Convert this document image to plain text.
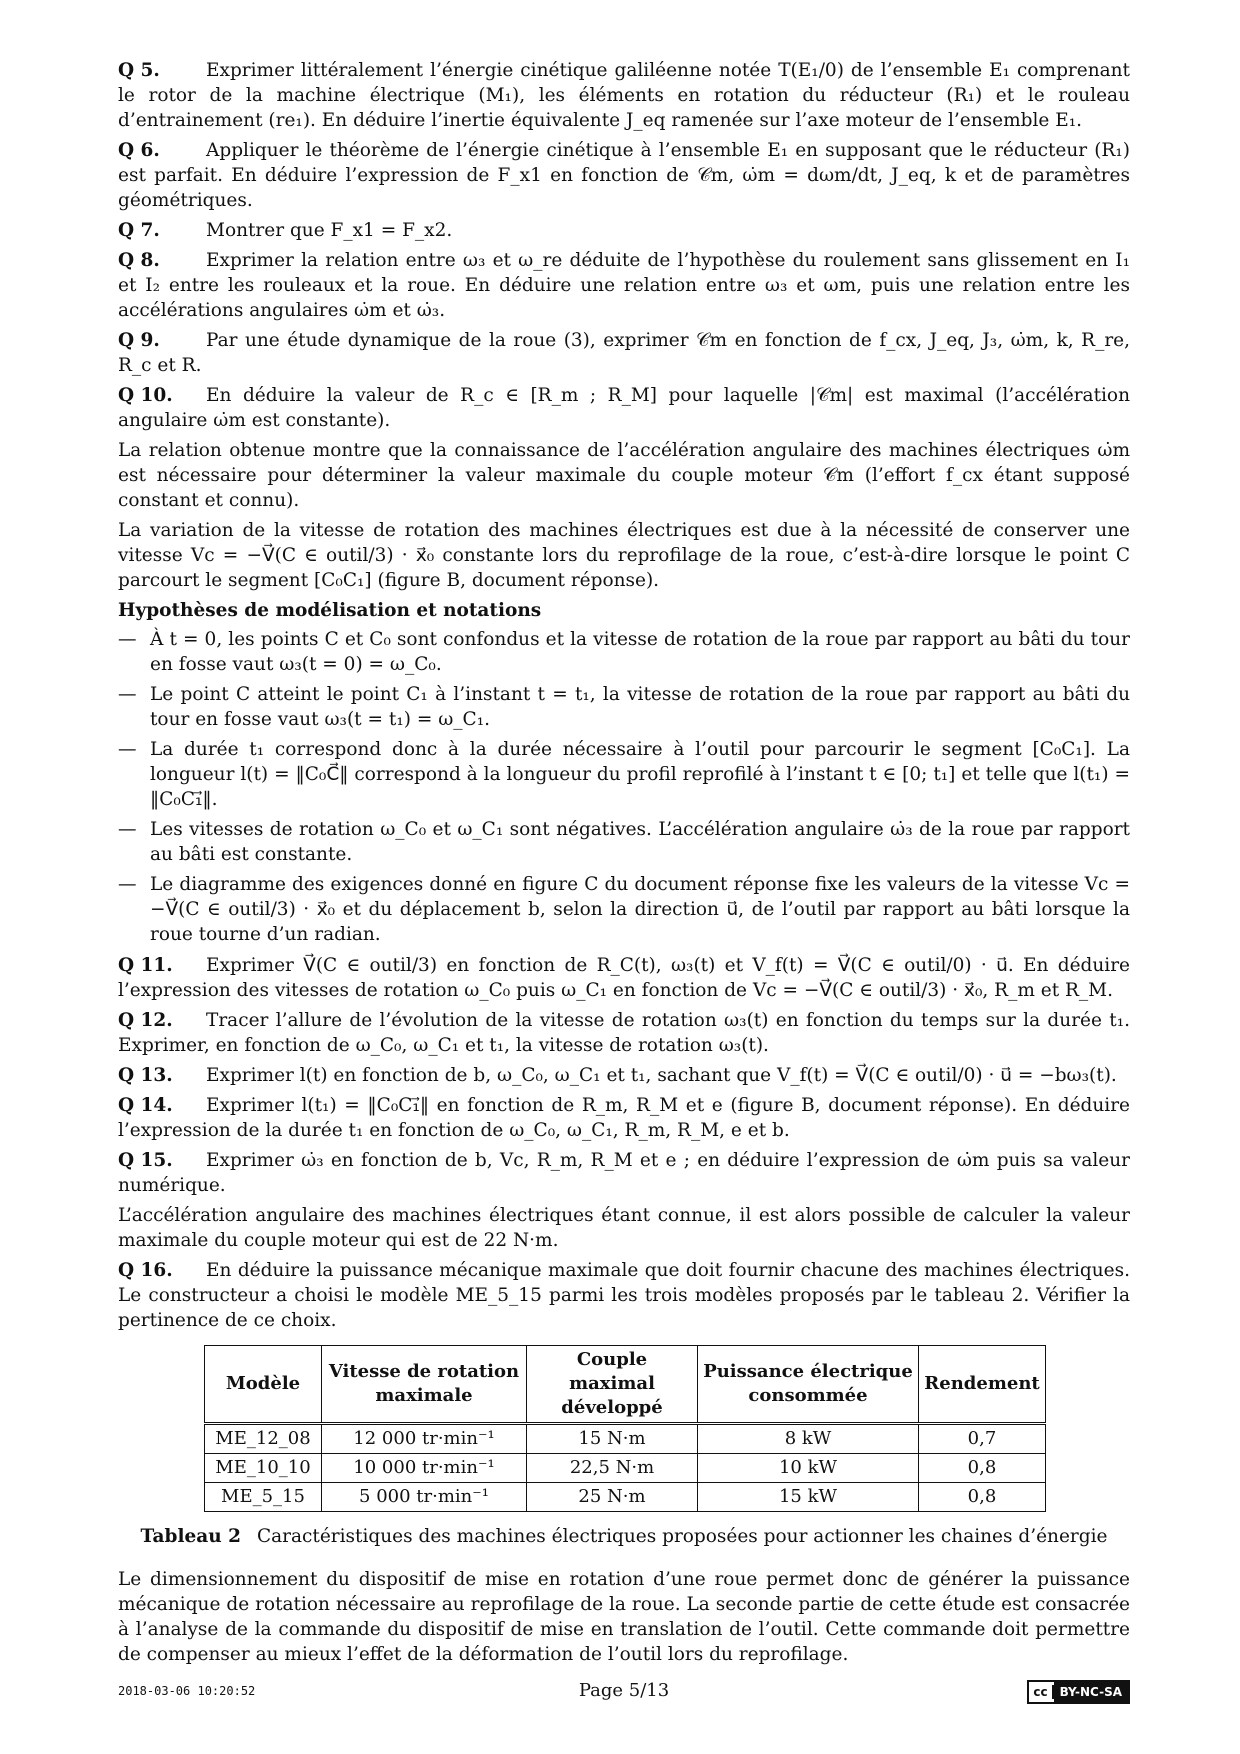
Q 5. Exprimer littéralement l’énergie cinétique galiléenne notée T(E₁/0) de l’ensemble E₁ comprenant le rotor de la machine électrique (M₁), les éléments en rotation du réducteur (R₁) et le rouleau d’entrainement (re₁). En déduire l’inertie équivalente J_eq ramenée sur l’axe moteur de l’ensemble E₁.

Q 6. Appliquer le théorème de l’énergie cinétique à l’ensemble E₁ en supposant que le réducteur (R₁) est parfait. En déduire l’expression de F_x1 en fonction de 𝒞m, ω̇m = dωm/dt, J_eq, k et de paramètres géométriques.

Q 7. Montrer que F_x1 = F_x2.

Q 8. Exprimer la relation entre ω₃ et ω_re déduite de l’hypothèse du roulement sans glissement en I₁ et I₂ entre les rouleaux et la roue. En déduire une relation entre ω₃ et ωm, puis une relation entre les accélérations angulaires ω̇m et ω̇₃.

Q 9. Par une étude dynamique de la roue (3), exprimer 𝒞m en fonction de f_cx, J_eq, J₃, ω̇m, k, R_re, R_c et R.

Q 10. En déduire la valeur de R_c ∈ [R_m ; R_M] pour laquelle |𝒞m| est maximal (l’accélération angulaire ω̇m est constante).

La relation obtenue montre que la connaissance de l’accélération angulaire des machines électriques ω̇m est nécessaire pour déterminer la valeur maximale du couple moteur 𝒞m (l’effort f_cx étant supposé constant et connu).

La variation de la vitesse de rotation des machines électriques est due à la nécessité de conserver une vitesse Vc = −V⃗(C ∈ outil/3) · x⃗₀ constante lors du reprofilage de la roue, c’est-à-dire lorsque le point C parcourt le segment [C₀C₁] (figure B, document réponse).

Hypothèses de modélisation et notations

— À t = 0, les points C et C₀ sont confondus et la vitesse de rotation de la roue par rapport au bâti du tour en fosse vaut ω₃(t = 0) = ω_C₀.
— Le point C atteint le point C₁ à l’instant t = t₁, la vitesse de rotation de la roue par rapport au bâti du tour en fosse vaut ω₃(t = t₁) = ω_C₁.
— La durée t₁ correspond donc à la durée nécessaire à l’outil pour parcourir le segment [C₀C₁]. La longueur l(t) = ‖C₀C⃗‖ correspond à la longueur du profil reprofilé à l’instant t ∈ [0; t₁] et telle que l(t₁) = ‖C₀C₁⃗‖.
— Les vitesses de rotation ω_C₀ et ω_C₁ sont négatives. L’accélération angulaire ω̇₃ de la roue par rapport au bâti est constante.
— Le diagramme des exigences donné en figure C du document réponse fixe les valeurs de la vitesse Vc = −V⃗(C ∈ outil/3) · x⃗₀ et du déplacement b, selon la direction u⃗, de l’outil par rapport au bâti lorsque la roue tourne d’un radian.

Q 11. Exprimer V⃗(C ∈ outil/3) en fonction de R_C(t), ω₃(t) et V_f(t) = V⃗(C ∈ outil/0) · u⃗. En déduire l’expression des vitesses de rotation ω_C₀ puis ω_C₁ en fonction de Vc = −V⃗(C ∈ outil/3) · x⃗₀, R_m et R_M.

Q 12. Tracer l’allure de l’évolution de la vitesse de rotation ω₃(t) en fonction du temps sur la durée t₁. Exprimer, en fonction de ω_C₀, ω_C₁ et t₁, la vitesse de rotation ω₃(t).

Q 13. Exprimer l(t) en fonction de b, ω_C₀, ω_C₁ et t₁, sachant que V_f(t) = V⃗(C ∈ outil/0) · u⃗ = −bω₃(t).

Q 14. Exprimer l(t₁) = ‖C₀C₁⃗‖ en fonction de R_m, R_M et e (figure B, document réponse). En déduire l’expression de la durée t₁ en fonction de ω_C₀, ω_C₁, R_m, R_M, e et b.

Q 15. Exprimer ω̇₃ en fonction de b, Vc, R_m, R_M et e ; en déduire l’expression de ω̇m puis sa valeur numérique.

L’accélération angulaire des machines électriques étant connue, il est alors possible de calculer la valeur maximale du couple moteur qui est de 22 N·m.

Q 16. En déduire la puissance mécanique maximale que doit fournir chacune des machines électriques. Le constructeur a choisi le modèle ME_5_15 parmi les trois modèles proposés par le tableau 2. Vérifier la pertinence de ce choix.

Modèle	Vitesse de rotation maximale	Couple maximal développé	Puissance électrique consommée	Rendement
ME_12_08	12 000 tr·min⁻¹	15 N·m	8 kW	0,7
ME_10_10	10 000 tr·min⁻¹	22,5 N·m	10 kW	0,8
ME_5_15	5 000 tr·min⁻¹	25 N·m	15 kW	0,8

Tableau 2 Caractéristiques des machines électriques proposées pour actionner les chaines d’énergie

Le dimensionnement du dispositif de mise en rotation d’une roue permet donc de générer la puissance mécanique de rotation nécessaire au reprofilage de la roue. La seconde partie de cette étude est consacrée à l’analyse de la commande du dispositif de mise en translation de l’outil. Cette commande doit permettre de compenser au mieux l’effet de la déformation de l’outil lors du reprofilage.

2018-03-06 10:20:52	Page 5/13	cc	BY-NC-SA
